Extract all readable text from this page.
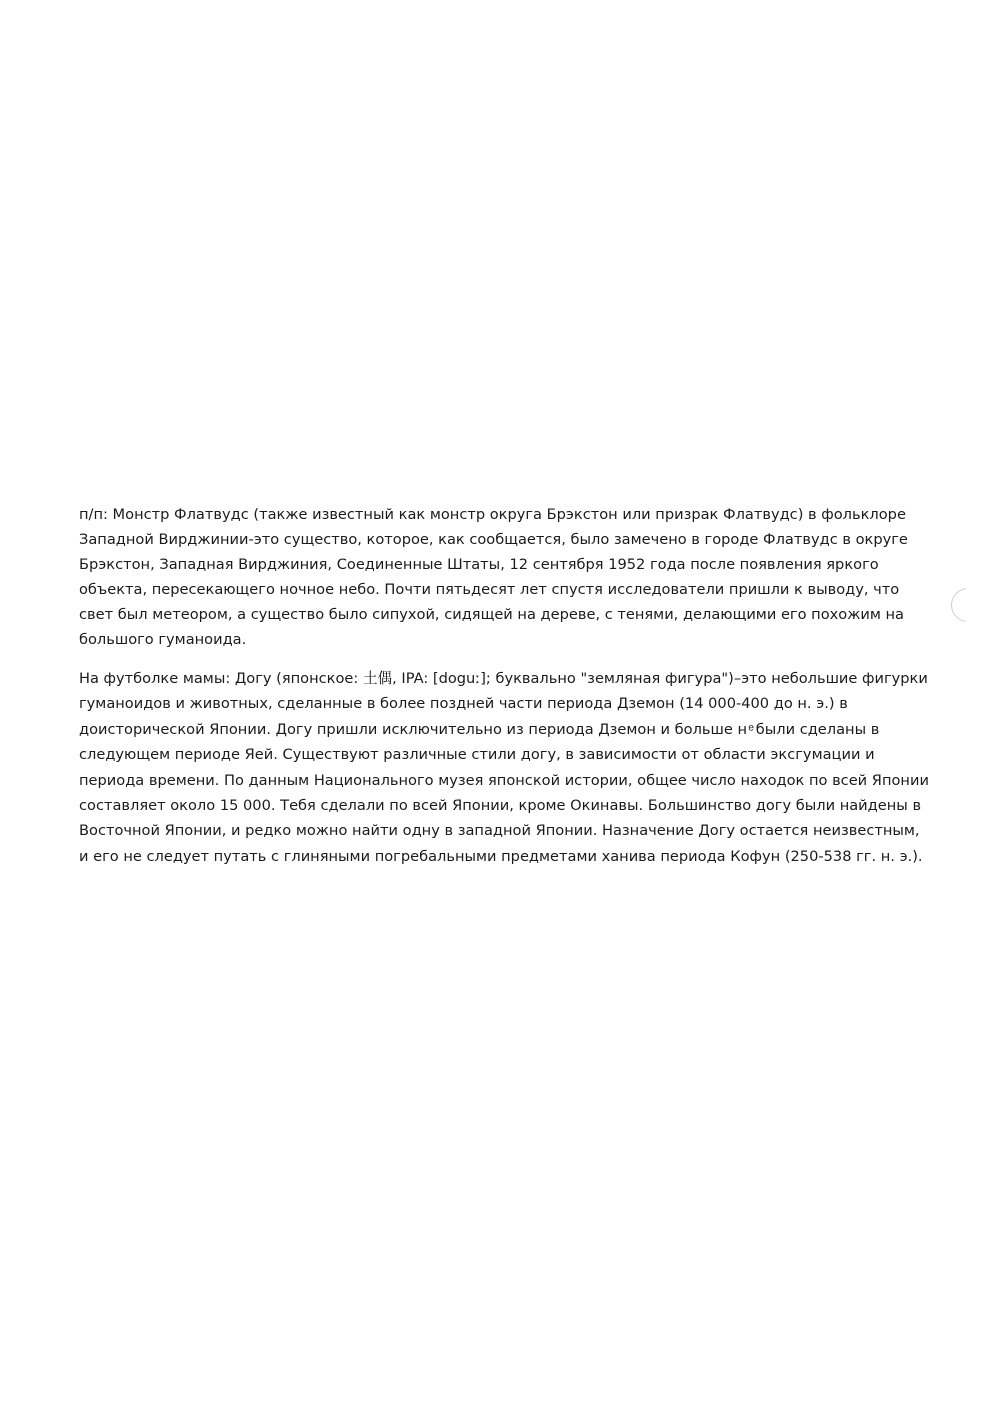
п/п: Монстр Флатвудс (также известный как монстр округа Брэкстон или призрак Флатвудс) в фольклоре Западной Вирджинии-это существо, которое, как сообщается, было замечено в городе Флатвудс в округе Брэкстон, Западная Вирджиния, Соединенные Штаты, 12 сентября 1952 года после появления яркого объекта, пересекающего ночное небо. Почти пятьдесят лет спустя исследователи пришли к выводу, что свет был метеором, а существо было сипухой, сидящей на дереве, с тенями, делающими его похожим на большого гуманоида.

На футболке мамы: Догу (японское: 土偶, IPA: [doguː]; буквально "земляная фигура")–это небольшие фигурки гуманоидов и животных, сделанные в более поздней части периода Дземон (14 000-400 до н. э.) в доисторической Японии. Догу пришли исключительно из периода Дземон и больше н ͤ были сделаны в следующем периоде Яей. Существуют различные стили догу, в зависимости от области эксгумации и периода времени. По данным Национального музея японской истории, общее число находок по всей Японии составляет около 15 000. Тебя сделали по всей Японии, кроме Окинавы. Большинство догу были найдены в Восточной Японии, и редко можно найти одну в западной Японии. Назначение Догу остается неизвестным, и его не следует путать с глиняными погребальными предметами ханива периода Кофун (250-538 гг. н. э.).
